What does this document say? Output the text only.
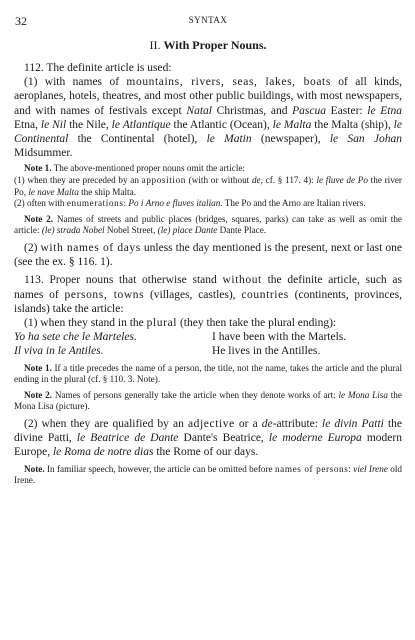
32	SYNTAX
II. With Proper Nouns.

112. The definite article is used:

(1) with names of mountains, rivers, seas, lakes, boats of all kinds, aeroplanes, hotels, theatres, and most other public buildings, with most newspapers, and with names of festivals except Natal Christmas, and Pascua Easter: le Etna Etna, le Nil the Nile, le Atlantique the Atlantic (Ocean), le Malta the Malta (ship), le Continental the Continental (hotel), le Matin (newspaper), le San Johan Midsummer.

Note 1. The above-mentioned proper nouns omit the article:

(1) when they are preceded by an apposition (with or without de, cf. § 117. 4): le fluve de Po the river Po, le nave Malta the ship Malta.

(2) often with enumerations: Po i Arno e fluves italian. The Po and the Arno are Italian rivers.

Note 2. Names of streets and public places (bridges, squares, parks) can take as well as omit the article: (le) strada Nobel Nobel Street, (le) place Dante Dante Place.

(2) with names of days unless the day mentioned is the present, next or last one (see the ex. § 116. 1).

113. Proper nouns that otherwise stand without the definite article, such as names of persons, towns (villages, castles), countries (continents, provinces, islands) take the article:

(1) when they stand in the plural (they then take the plural ending):

Yo ha sete che le Marteles.	I have been with the Martels.
Il viva in le Antiles.	He lives in the Antilles.

Note 1. If a title precedes the name of a person, the title, not the name, takes the article and the plural ending in the plural (cf. § 110. 3. Note).

Note 2. Names of persons generally take the article when they denote works of art: le Mona Lisa the Mona Lisa (picture).

(2) when they are qualified by an adjective or a de-attribute: le divin Patti the divine Patti, le Beatrice de Dante Dante's Beatrice, le moderne Europa modern Europe, le Roma de notre dias the Rome of our days.

Note. In familiar speech, however, the article can be omitted before names of persons: viel Irene old Irene.
